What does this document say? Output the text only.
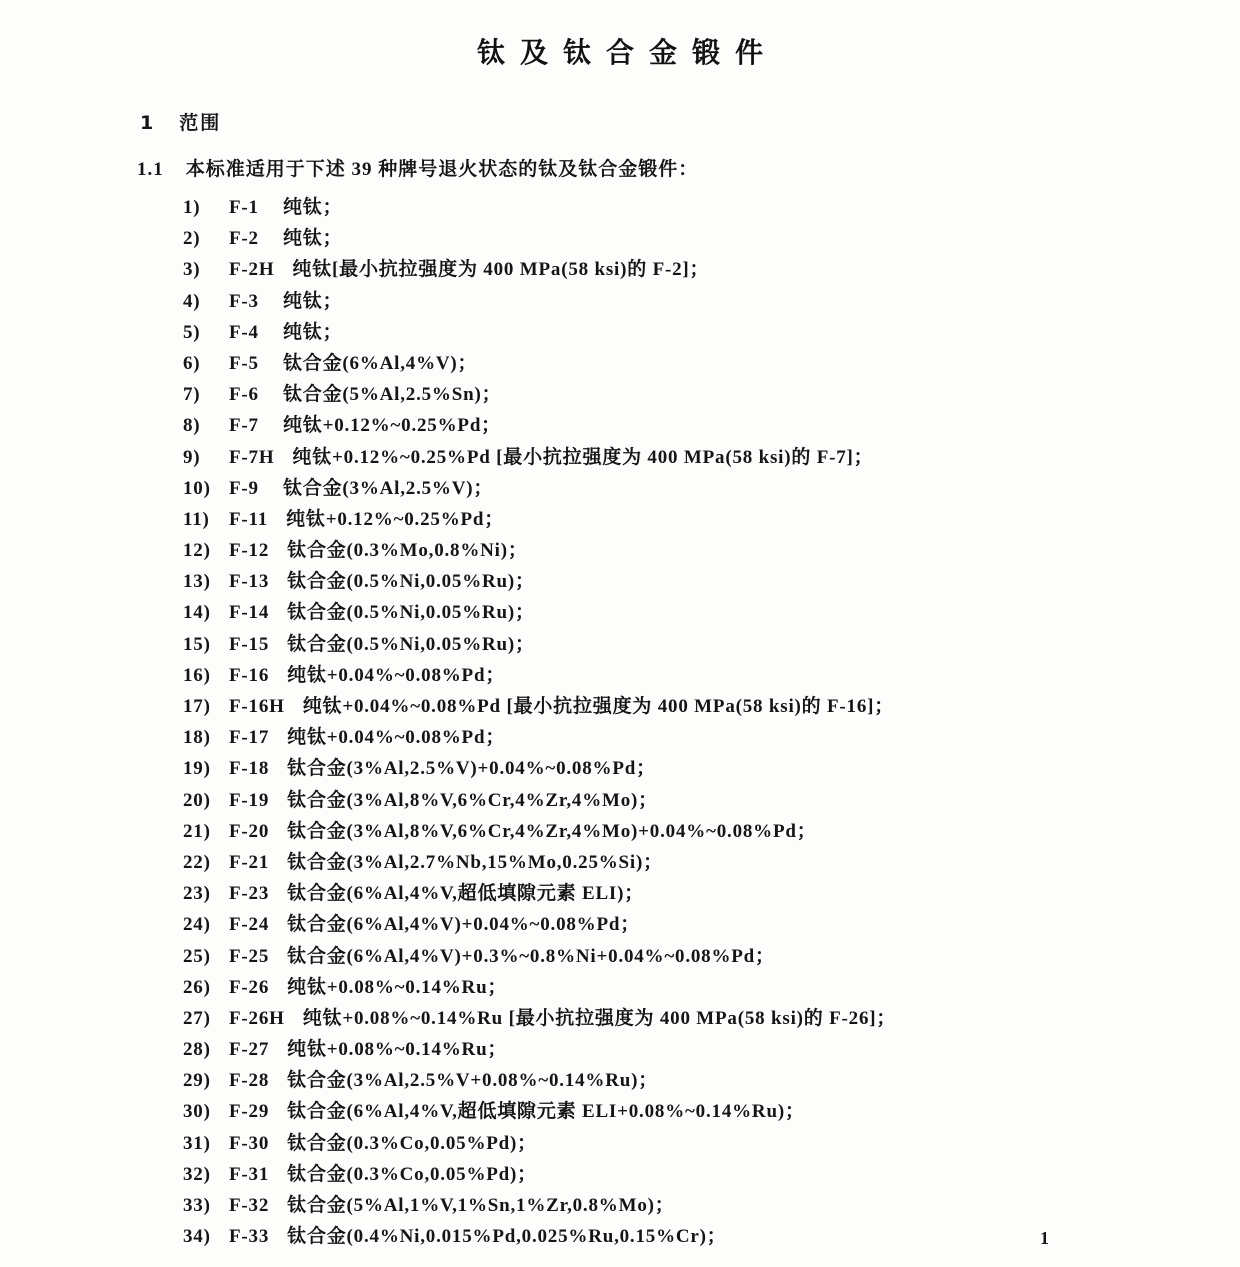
钛及钛合金锻件
1 范围
1.1 本标准适用于下述 39 种牌号退火状态的钛及钛合金锻件：
1) F-1 纯钛；
2) F-2 纯钛；
3) F-2H 纯钛[最小抗拉强度为 400 MPa(58 ksi)的 F-2]；
4) F-3 纯钛；
5) F-4 纯钛；
6) F-5 钛合金(6%Al,4%V)；
7) F-6 钛合金(5%Al,2.5%Sn)；
8) F-7 纯钛+0.12%~0.25%Pd；
9) F-7H 纯钛+0.12%~0.25%Pd [最小抗拉强度为 400 MPa(58 ksi)的 F-7]；
10) F-9 钛合金(3%Al,2.5%V)；
11) F-11 纯钛+0.12%~0.25%Pd；
12) F-12 钛合金(0.3%Mo,0.8%Ni)；
13) F-13 钛合金(0.5%Ni,0.05%Ru)；
14) F-14 钛合金(0.5%Ni,0.05%Ru)；
15) F-15 钛合金(0.5%Ni,0.05%Ru)；
16) F-16 纯钛+0.04%~0.08%Pd；
17) F-16H 纯钛+0.04%~0.08%Pd [最小抗拉强度为 400 MPa(58 ksi)的 F-16]；
18) F-17 纯钛+0.04%~0.08%Pd；
19) F-18 钛合金(3%Al,2.5%V)+0.04%~0.08%Pd；
20) F-19 钛合金(3%Al,8%V,6%Cr,4%Zr,4%Mo)；
21) F-20 钛合金(3%Al,8%V,6%Cr,4%Zr,4%Mo)+0.04%~0.08%Pd；
22) F-21 钛合金(3%Al,2.7%Nb,15%Mo,0.25%Si)；
23) F-23 钛合金(6%Al,4%V,超低填隙元素 ELI)；
24) F-24 钛合金(6%Al,4%V)+0.04%~0.08%Pd；
25) F-25 钛合金(6%Al,4%V)+0.3%~0.8%Ni+0.04%~0.08%Pd；
26) F-26 纯钛+0.08%~0.14%Ru；
27) F-26H 纯钛+0.08%~0.14%Ru [最小抗拉强度为 400 MPa(58 ksi)的 F-26]；
28) F-27 纯钛+0.08%~0.14%Ru；
29) F-28 钛合金(3%Al,2.5%V+0.08%~0.14%Ru)；
30) F-29 钛合金(6%Al,4%V,超低填隙元素 ELI+0.08%~0.14%Ru)；
31) F-30 钛合金(0.3%Co,0.05%Pd)；
32) F-31 钛合金(0.3%Co,0.05%Pd)；
33) F-32 钛合金(5%Al,1%V,1%Sn,1%Zr,0.8%Mo)；
34) F-33 钛合金(0.4%Ni,0.015%Pd,0.025%Ru,0.15%Cr)；	1
